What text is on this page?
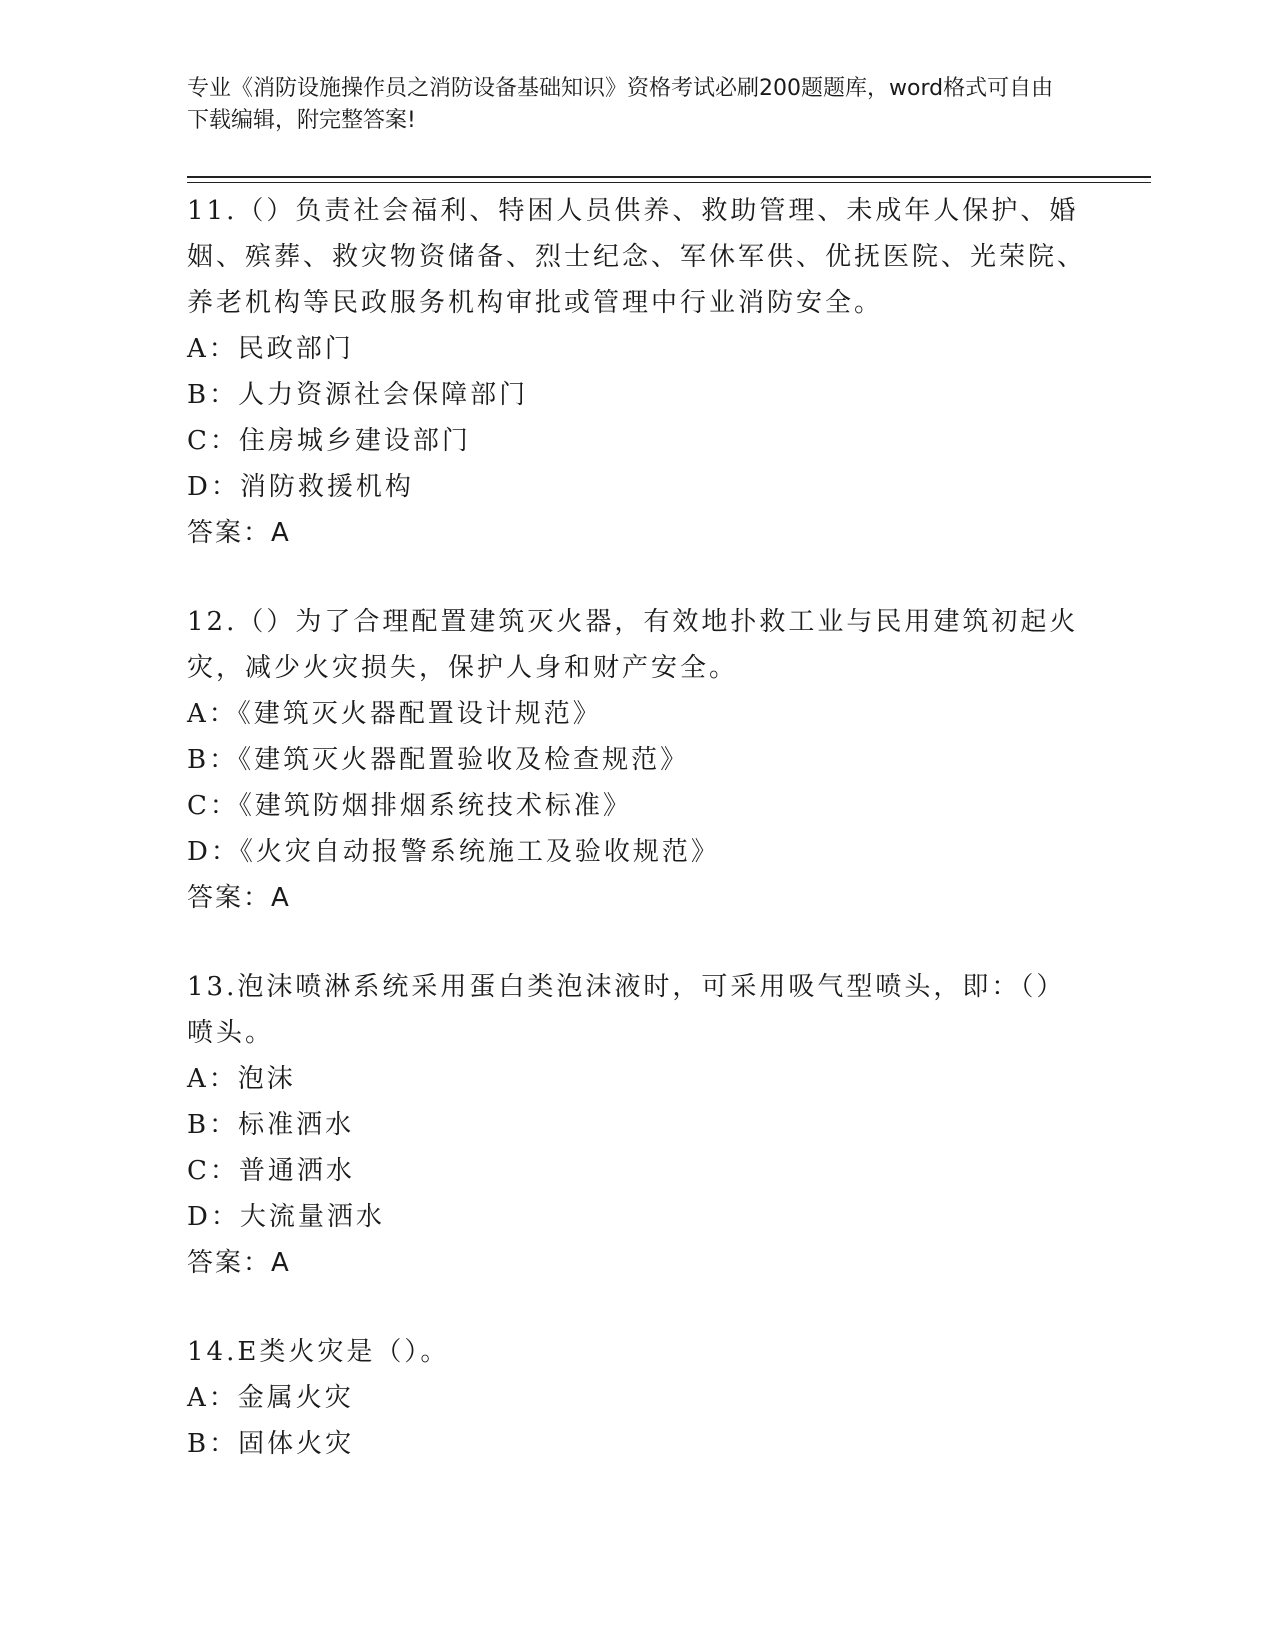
专业《消防设施操作员之消防设备基础知识》资格考试必刷200题题库，word格式可自由下载编辑，附完整答案!
11.（）负责社会福利、特困人员供养、救助管理、未成年人保护、婚姻、殡葬、救灾物资储备、烈士纪念、军休军供、优抚医院、光荣院、养老机构等民政服务机构审批或管理中行业消防安全。
A：民政部门
B：人力资源社会保障部门
C：住房城乡建设部门
D：消防救援机构
答案：A
12.（）为了合理配置建筑灭火器，有效地扑救工业与民用建筑初起火灾，减少火灾损失，保护人身和财产安全。
A：《建筑灭火器配置设计规范》
B：《建筑灭火器配置验收及检查规范》
C：《建筑防烟排烟系统技术标准》
D：《火灾自动报警系统施工及验收规范》
答案：A
13.泡沫喷淋系统采用蛋白类泡沫液时，可采用吸气型喷头，即：（）喷头。
A：泡沫
B：标准洒水
C：普通洒水
D：大流量洒水
答案：A
14.E类火灾是（）。
A：金属火灾
B：固体火灾
